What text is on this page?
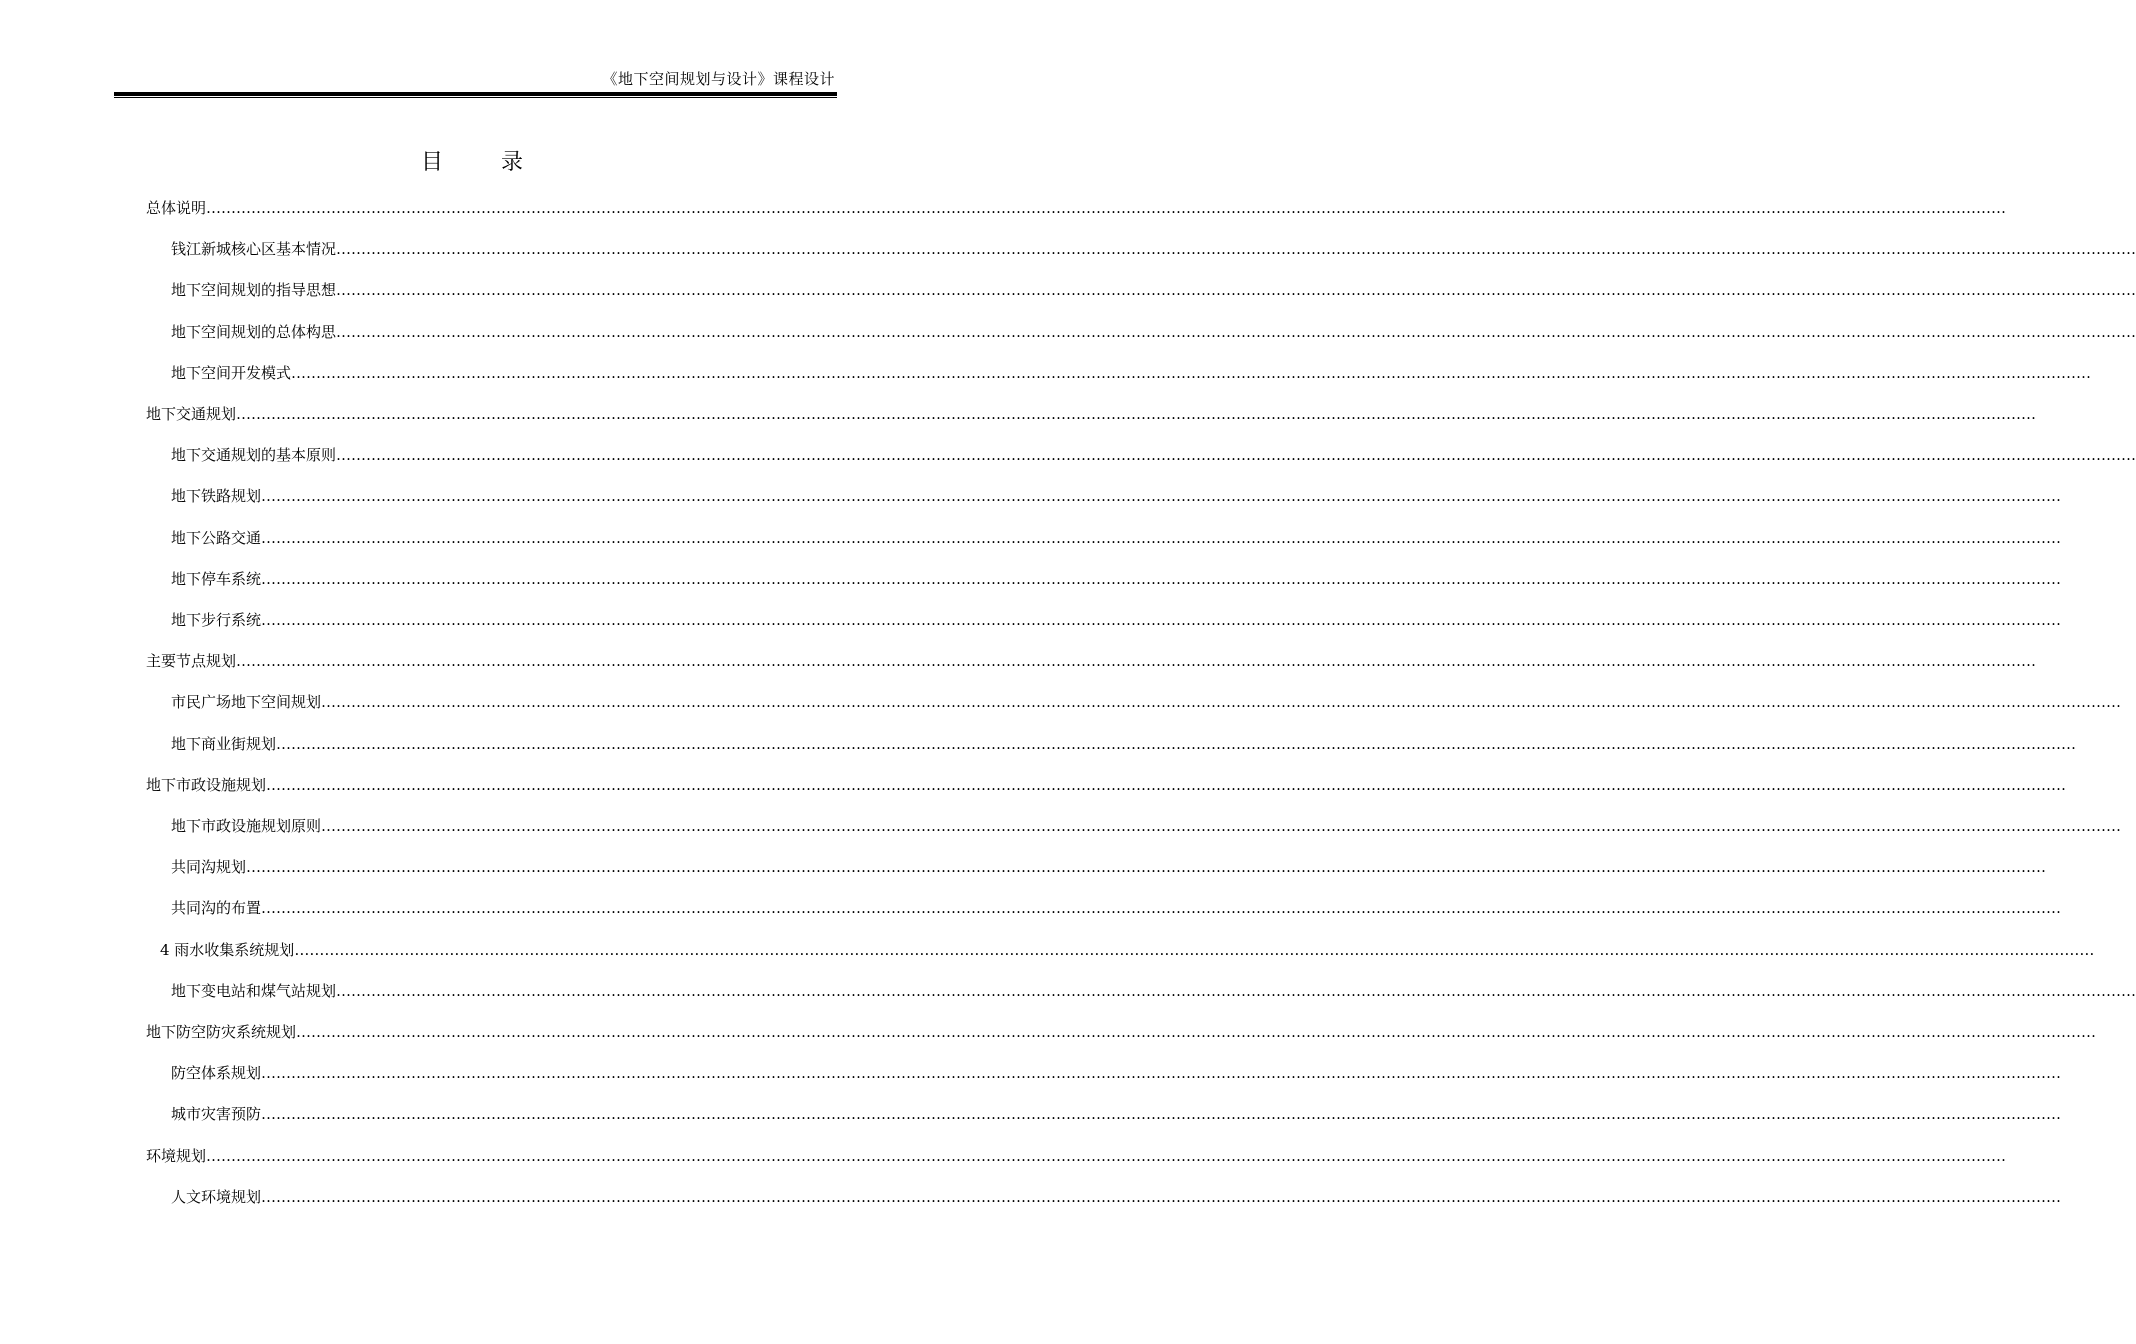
《地下空间规划与设计》课程设计
目录
总体说明………………………………………………………………………………………………………………………………………………………………………………………………………………………………………………………………………………………………………………………………
钱江新城核心区基本情况………………………………………………………………………………………………………………………………………………………………………………………………………………………………………………………………………………………………………………………………
地下空间规划的指导思想………………………………………………………………………………………………………………………………………………………………………………………………………………………………………………………………………………………………………………………………
地下空间规划的总体构思………………………………………………………………………………………………………………………………………………………………………………………………………………………………………………………………………………………………………………………………
地下空间开发模式………………………………………………………………………………………………………………………………………………………………………………………………………………………………………………………………………………………………………………………………
地下交通规划………………………………………………………………………………………………………………………………………………………………………………………………………………………………………………………………………………………………………………………………
地下交通规划的基本原则………………………………………………………………………………………………………………………………………………………………………………………………………………………………………………………………………………………………………………………………
地下铁路规划………………………………………………………………………………………………………………………………………………………………………………………………………………………………………………………………………………………………………………………………
地下公路交通………………………………………………………………………………………………………………………………………………………………………………………………………………………………………………………………………………………………………………………………
地下停车系统………………………………………………………………………………………………………………………………………………………………………………………………………………………………………………………………………………………………………………………………
地下步行系统………………………………………………………………………………………………………………………………………………………………………………………………………………………………………………………………………………………………………………………………
主要节点规划………………………………………………………………………………………………………………………………………………………………………………………………………………………………………………………………………………………………………………………………
市民广场地下空间规划………………………………………………………………………………………………………………………………………………………………………………………………………………………………………………………………………………………………………………………………
地下商业街规划………………………………………………………………………………………………………………………………………………………………………………………………………………………………………………………………………………………………………………………………
地下市政设施规划………………………………………………………………………………………………………………………………………………………………………………………………………………………………………………………………………………………………………………………………
地下市政设施规划原则………………………………………………………………………………………………………………………………………………………………………………………………………………………………………………………………………………………………………………………………
共同沟规划………………………………………………………………………………………………………………………………………………………………………………………………………………………………………………………………………………………………………………………………
共同沟的布置………………………………………………………………………………………………………………………………………………………………………………………………………………………………………………………………………………………………………………………………
4 雨水收集系统规划………………………………………………………………………………………………………………………………………………………………………………………………………………………………………………………………………………………………………………………………
地下变电站和煤气站规划………………………………………………………………………………………………………………………………………………………………………………………………………………………………………………………………………………………………………………………………
地下防空防灾系统规划………………………………………………………………………………………………………………………………………………………………………………………………………………………………………………………………………………………………………………………………
防空体系规划………………………………………………………………………………………………………………………………………………………………………………………………………………………………………………………………………………………………………………………………
城市灾害预防………………………………………………………………………………………………………………………………………………………………………………………………………………………………………………………………………………………………………………………………
环境规划………………………………………………………………………………………………………………………………………………………………………………………………………………………………………………………………………………………………………………………………
人文环境规划………………………………………………………………………………………………………………………………………………………………………………………………………………………………………………………………………………………………………………………………
